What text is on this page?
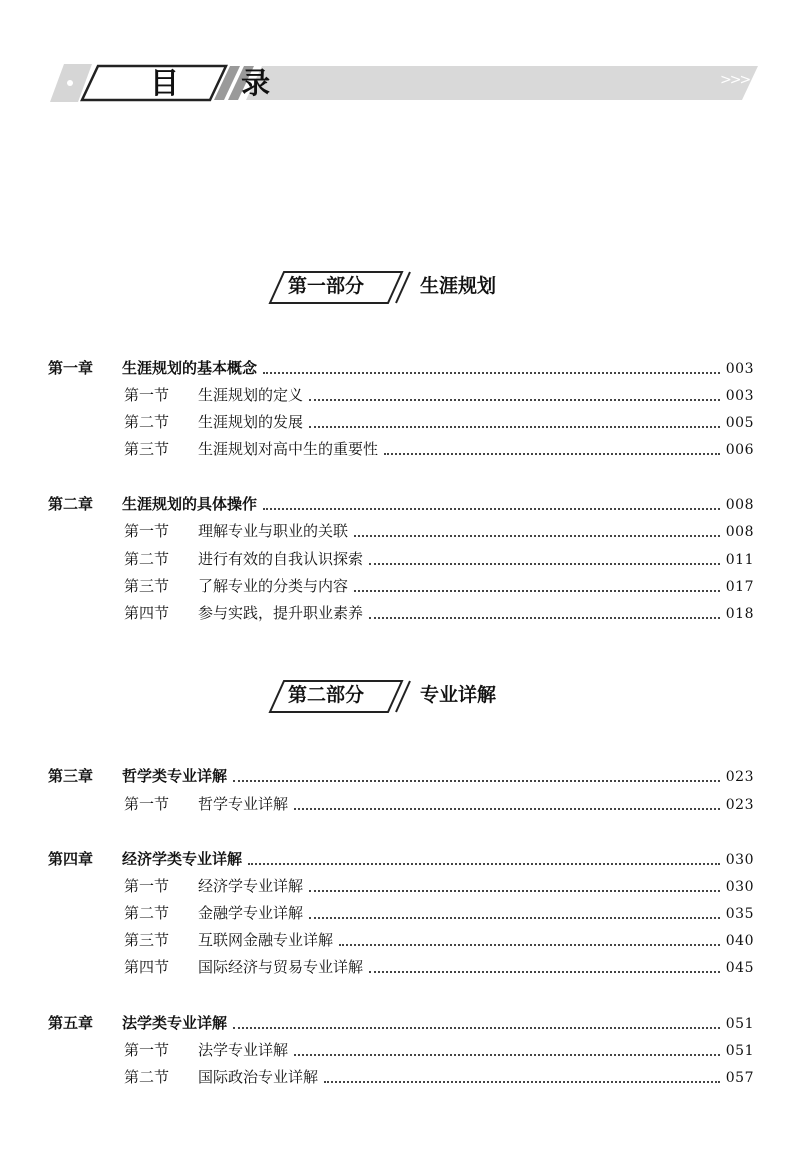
目 录	>>>
第一部分	生涯规划
第一章	生涯规划的基本概念	003
第一节	生涯规划的定义	003
第二节	生涯规划的发展	005
第三节	生涯规划对高中生的重要性	006
第二章	生涯规划的具体操作	008
第一节	理解专业与职业的关联	008
第二节	进行有效的自我认识探索	011
第三节	了解专业的分类与内容	017
第四节	参与实践，提升职业素养	018
第二部分	专业详解
第三章	哲学类专业详解	023
第一节	哲学专业详解	023
第四章	经济学类专业详解	030
第一节	经济学专业详解	030
第二节	金融学专业详解	035
第三节	互联网金融专业详解	040
第四节	国际经济与贸易专业详解	045
第五章	法学类专业详解	051
第一节	法学专业详解	051
第二节	国际政治专业详解	057
